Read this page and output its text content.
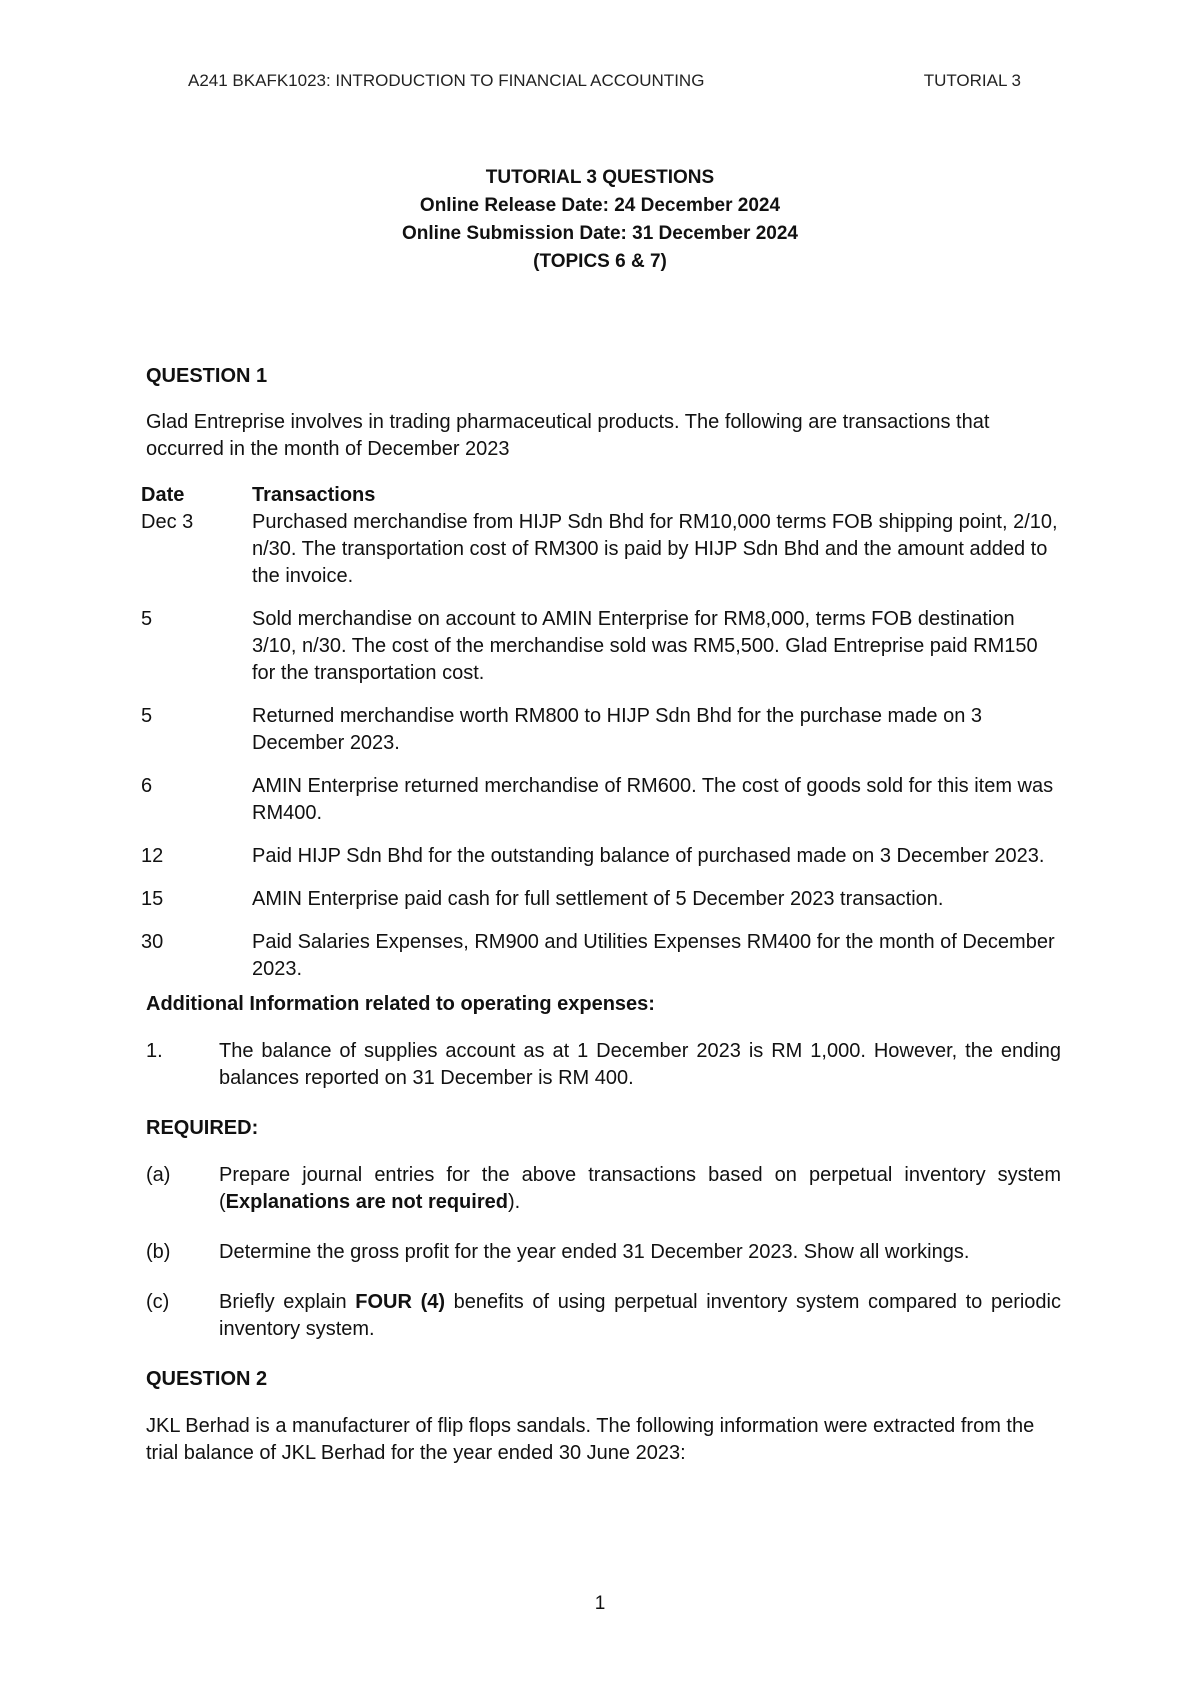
A241 BKAFK1023: INTRODUCTION TO FINANCIAL ACCOUNTING	TUTORIAL 3
TUTORIAL 3 QUESTIONS
Online Release Date: 24 December 2024
Online Submission Date: 31 December 2024
(TOPICS 6 & 7)
QUESTION 1

Glad Entreprise involves in trading pharmaceutical products. The following are transactions that occurred in the month of December 2023

Date	Transactions
Dec 3	Purchased merchandise from HIJP Sdn Bhd for RM10,000 terms FOB shipping point, 2/10, n/30. The transportation cost of RM300 is paid by HIJP Sdn Bhd and the amount added to the invoice.
5	Sold merchandise on account to AMIN Enterprise for RM8,000, terms FOB destination 3/10, n/30. The cost of the merchandise sold was RM5,500. Glad Entreprise paid RM150 for the transportation cost.
5	Returned merchandise worth RM800 to HIJP Sdn Bhd for the purchase made on 3 December 2023.
6	AMIN Enterprise returned merchandise of RM600. The cost of goods sold for this item was RM400.
12	Paid HIJP Sdn Bhd for the outstanding balance of purchased made on 3 December 2023.
15	AMIN Enterprise paid cash for full settlement of 5 December 2023 transaction.
30	Paid Salaries Expenses, RM900 and Utilities Expenses RM400 for the month of December 2023.
Additional Information related to operating expenses:
1.	The balance of supplies account as at 1 December 2023 is RM 1,000. However, the ending balances reported on 31 December is RM 400.
REQUIRED:
(a)	Prepare journal entries for the above transactions based on perpetual inventory system (Explanations are not required).
(b)	Determine the gross profit for the year ended 31 December 2023. Show all workings.
(c)	Briefly explain FOUR (4) benefits of using perpetual inventory system compared to periodic inventory system.
QUESTION 2

JKL Berhad is a manufacturer of flip flops sandals. The following information were extracted from the trial balance of JKL Berhad for the year ended 30 June 2023:

1
